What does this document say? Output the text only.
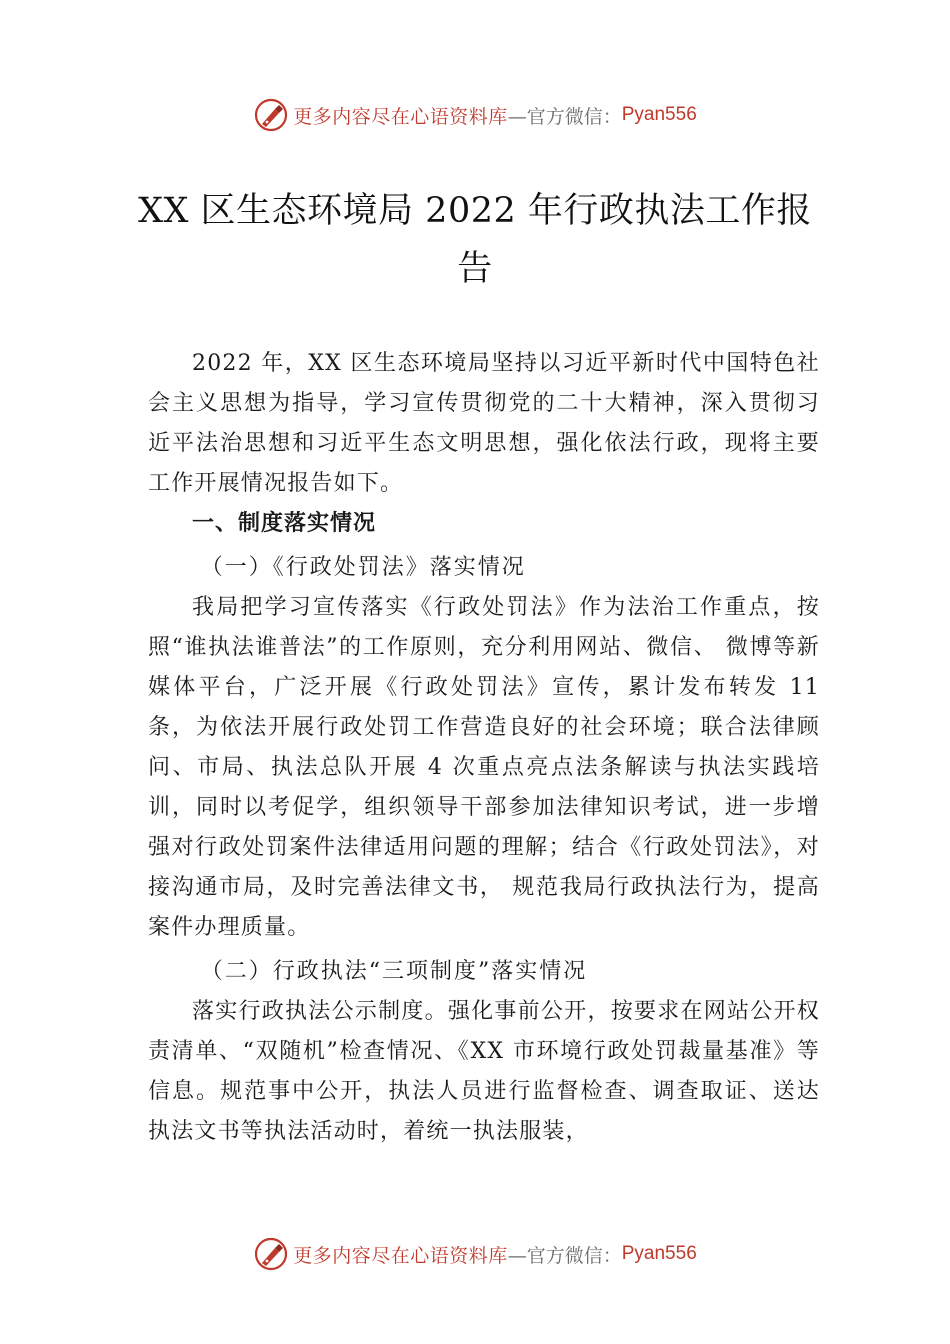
更多内容尽在心语资料库 —官方微信： Pyan556
XX 区生态环境局 2022 年行政执法工作报告

2022 年，XX 区生态环境局坚持以习近平新时代中国特色社会主义思想为指导，学习宣传贯彻党的二十大精神，深入贯彻习近平法治思想和习近平生态文明思想，强化依法行政，现将主要工作开展情况报告如下。

一、制度落实情况

（一）《行政处罚法》落实情况

我局把学习宣传落实《行政处罚法》作为法治工作重点，按照“谁执法谁普法”的工作原则，充分利用网站、微信、 微博等新媒体平台，广泛开展《行政处罚法》宣传，累计发布转发 11 条，为依法开展行政处罚工作营造良好的社会环境；联合法律顾问、市局、执法总队开展 4 次重点亮点法条解读与执法实践培训，同时以考促学，组织领导干部参加法律知识考试，进一步增强对行政处罚案件法律适用问题的理解；结合《行政处罚法》，对接沟通市局，及时完善法律文书， 规范我局行政执法行为，提高案件办理质量。

（二）行政执法“三项制度”落实情况

落实行政执法公示制度。强化事前公开，按要求在网站公开权责清单、“双随机”检查情况、《XX 市环境行政处罚裁量基准》等信息。规范事中公开，执法人员进行监督检查、调查取证、送达执法文书等执法活动时，着统一执法服装，

更多内容尽在心语资料库 —官方微信： Pyan556
